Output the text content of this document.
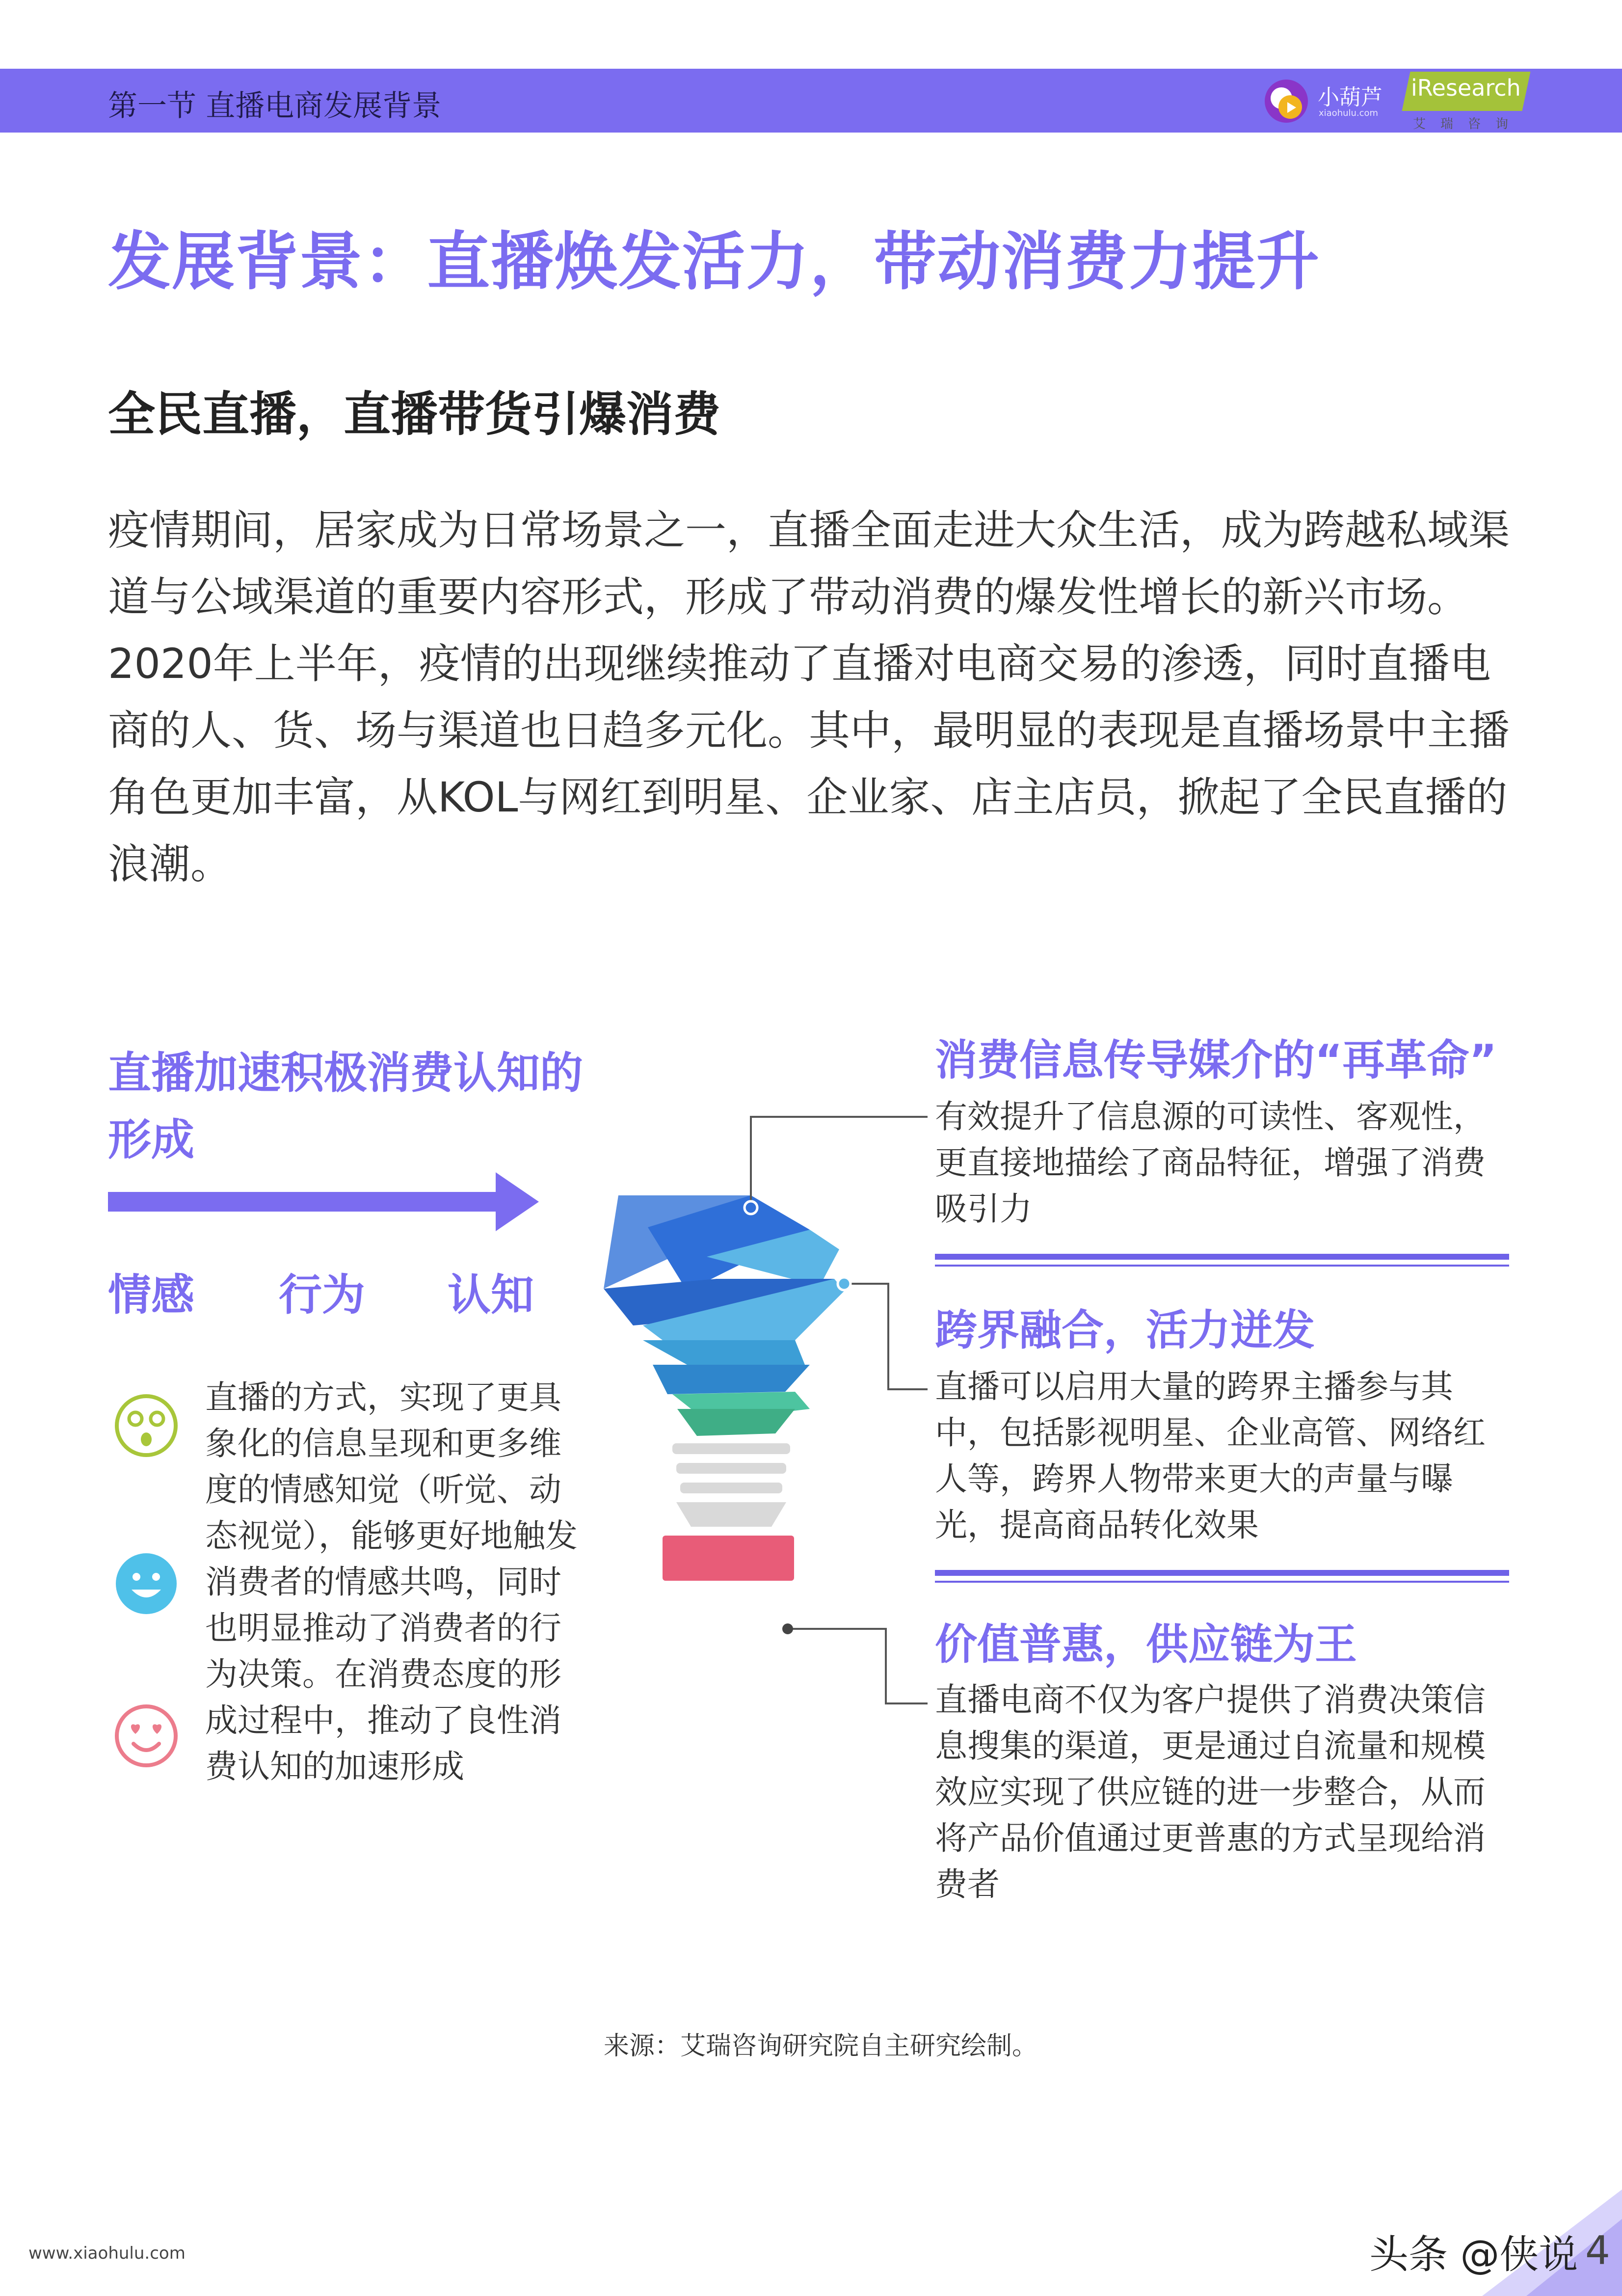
第一节 直播电商发展背景	小葫芦
xiaohulu.com
iResearch
艾瑞咨询
发展背景：直播焕发活力，带动消费力提升
全民直播，直播带货引爆消费
疫情期间，居家成为日常场景之一，直播全面走进大众生活，成为跨越私域渠道与公域渠道的重要内容形式，形成了带动消费的爆发性增长的新兴市场。2020年上半年，疫情的出现继续推动了直播对电商交易的渗透，同时直播电商的人、货、场与渠道也日趋多元化。其中，最明显的表现是直播场景中主播角色更加丰富，从KOL与网红到明星、企业家、店主店员，掀起了全民直播的浪潮。
直播加速积极消费认知的形成
情感 行为 认知
直播的方式，实现了更具象化的信息呈现和更多维度的情感知觉（听觉、动态视觉），能够更好地触发消费者的情感共鸣，同时也明显推动了消费者的行为决策。在消费态度的形成过程中，推动了良性消费认知的加速形成
消费信息传导媒介的“再革命”
有效提升了信息源的可读性、客观性，更直接地描绘了商品特征，增强了消费吸引力
跨界融合，活力迸发
直播可以启用大量的跨界主播参与其中，包括影视明星、企业高管、网络红人等，跨界人物带来更大的声量与曝光，提高商品转化效果
价值普惠，供应链为王
直播电商不仅为客户提供了消费决策信息搜集的渠道，更是通过自流量和规模效应实现了供应链的进一步整合，从而将产品价值通过更普惠的方式呈现给消费者
来源：艾瑞咨询研究院自主研究绘制。
www.xiaohulu.com	头条 @侠说 4
